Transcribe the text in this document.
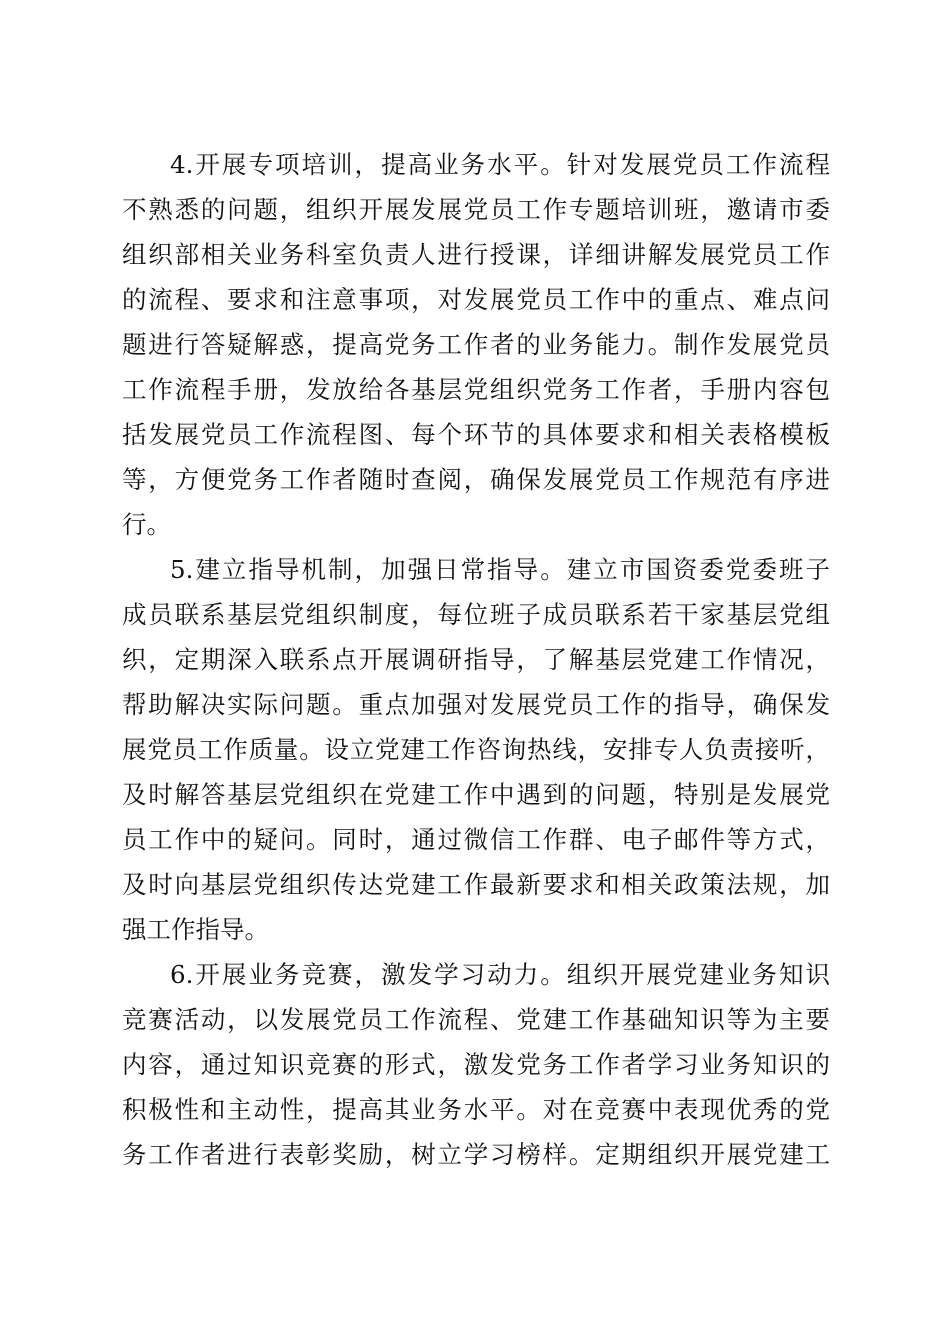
4.开展专项培训，提高业务水平。针对发展党员工作流程
不熟悉的问题，组织开展发展党员工作专题培训班，邀请市委
组织部相关业务科室负责人进行授课，详细讲解发展党员工作
的流程、要求和注意事项，对发展党员工作中的重点、难点问
题进行答疑解惑，提高党务工作者的业务能力。制作发展党员
工作流程手册，发放给各基层党组织党务工作者，手册内容包
括发展党员工作流程图、每个环节的具体要求和相关表格模板
等，方便党务工作者随时查阅，确保发展党员工作规范有序进
行。
5.建立指导机制，加强日常指导。建立市国资委党委班子
成员联系基层党组织制度，每位班子成员联系若干家基层党组
织，定期深入联系点开展调研指导，了解基层党建工作情况，
帮助解决实际问题。重点加强对发展党员工作的指导，确保发
展党员工作质量。设立党建工作咨询热线，安排专人负责接听，
及时解答基层党组织在党建工作中遇到的问题，特别是发展党
员工作中的疑问。同时，通过微信工作群、电子邮件等方式，
及时向基层党组织传达党建工作最新要求和相关政策法规，加
强工作指导。
6.开展业务竞赛，激发学习动力。组织开展党建业务知识
竞赛活动，以发展党员工作流程、党建工作基础知识等为主要
内容，通过知识竞赛的形式，激发党务工作者学习业务知识的
积极性和主动性，提高其业务水平。对在竞赛中表现优秀的党
务工作者进行表彰奖励，树立学习榜样。定期组织开展党建工
